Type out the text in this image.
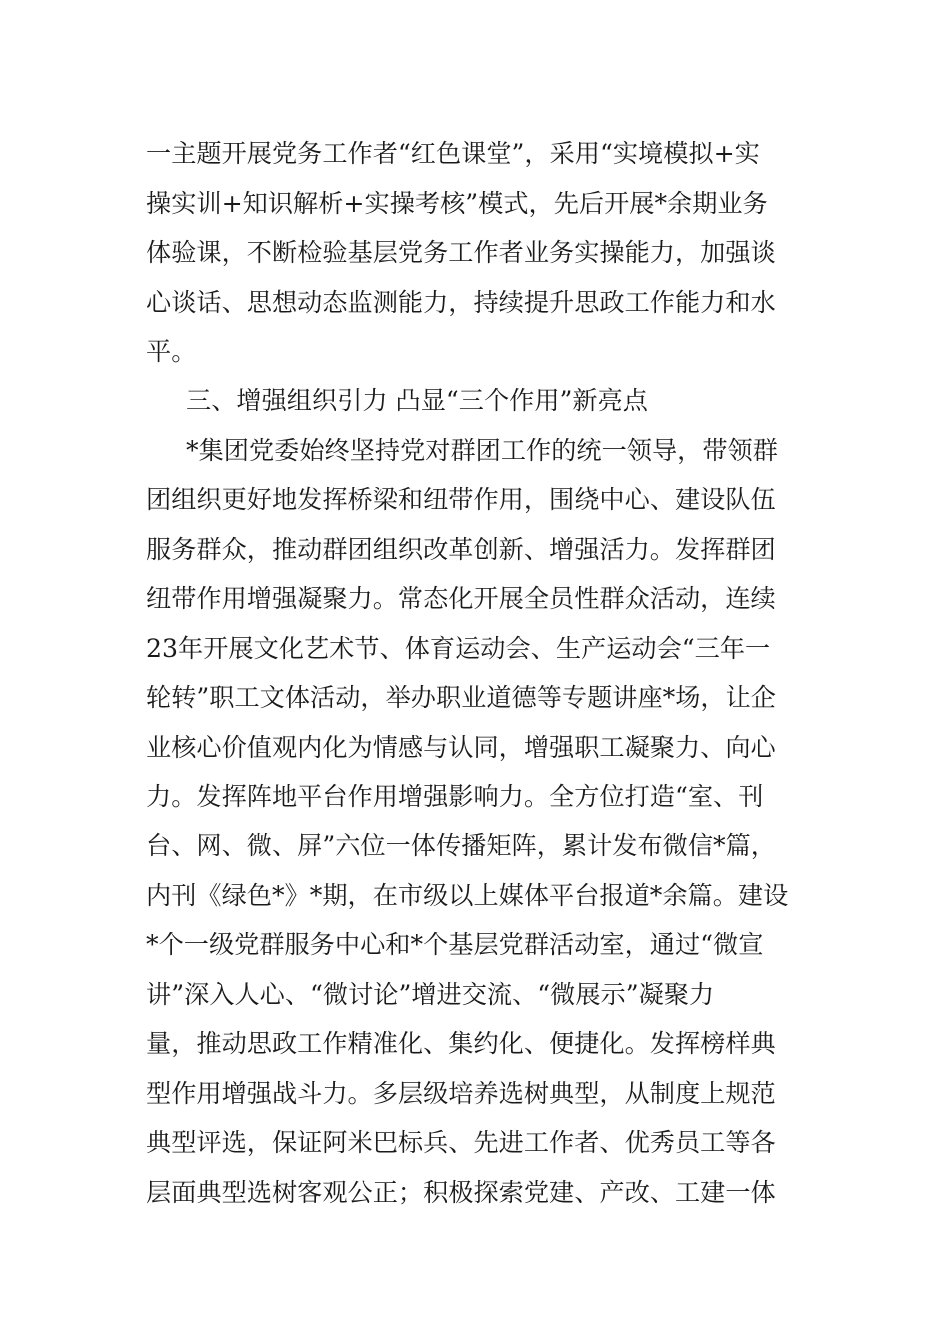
一主题开展党务工作者“红色课堂”，采用“实境模拟+实
操实训+知识解析+实操考核”模式，先后开展*余期业务
体验课，不断检验基层党务工作者业务实操能力，加强谈
心谈话、思想动态监测能力，持续提升思政工作能力和水
平。
三、增强组织引力 凸显“三个作用”新亮点
*集团党委始终坚持党对群团工作的统一领导，带领群
团组织更好地发挥桥梁和纽带作用，围绕中心、建设队伍
服务群众，推动群团组织改革创新、增强活力。发挥群团
纽带作用增强凝聚力。常态化开展全员性群众活动，连续
23年开展文化艺术节、体育运动会、生产运动会“三年一
轮转”职工文体活动，举办职业道德等专题讲座*场，让企
业核心价值观内化为情感与认同，增强职工凝聚力、向心
力。发挥阵地平台作用增强影响力。全方位打造“室、刊
台、网、微、屏”六位一体传播矩阵，累计发布微信*篇，
内刊《绿色*》*期，在市级以上媒体平台报道*余篇。建设
*个一级党群服务中心和*个基层党群活动室，通过“微宣
讲”深入人心、“微讨论”增进交流、“微展示”凝聚力
量，推动思政工作精准化、集约化、便捷化。发挥榜样典
型作用增强战斗力。多层级培养选树典型，从制度上规范
典型评选，保证阿米巴标兵、先进工作者、优秀员工等各
层面典型选树客观公正；积极探索党建、产改、工建一体
